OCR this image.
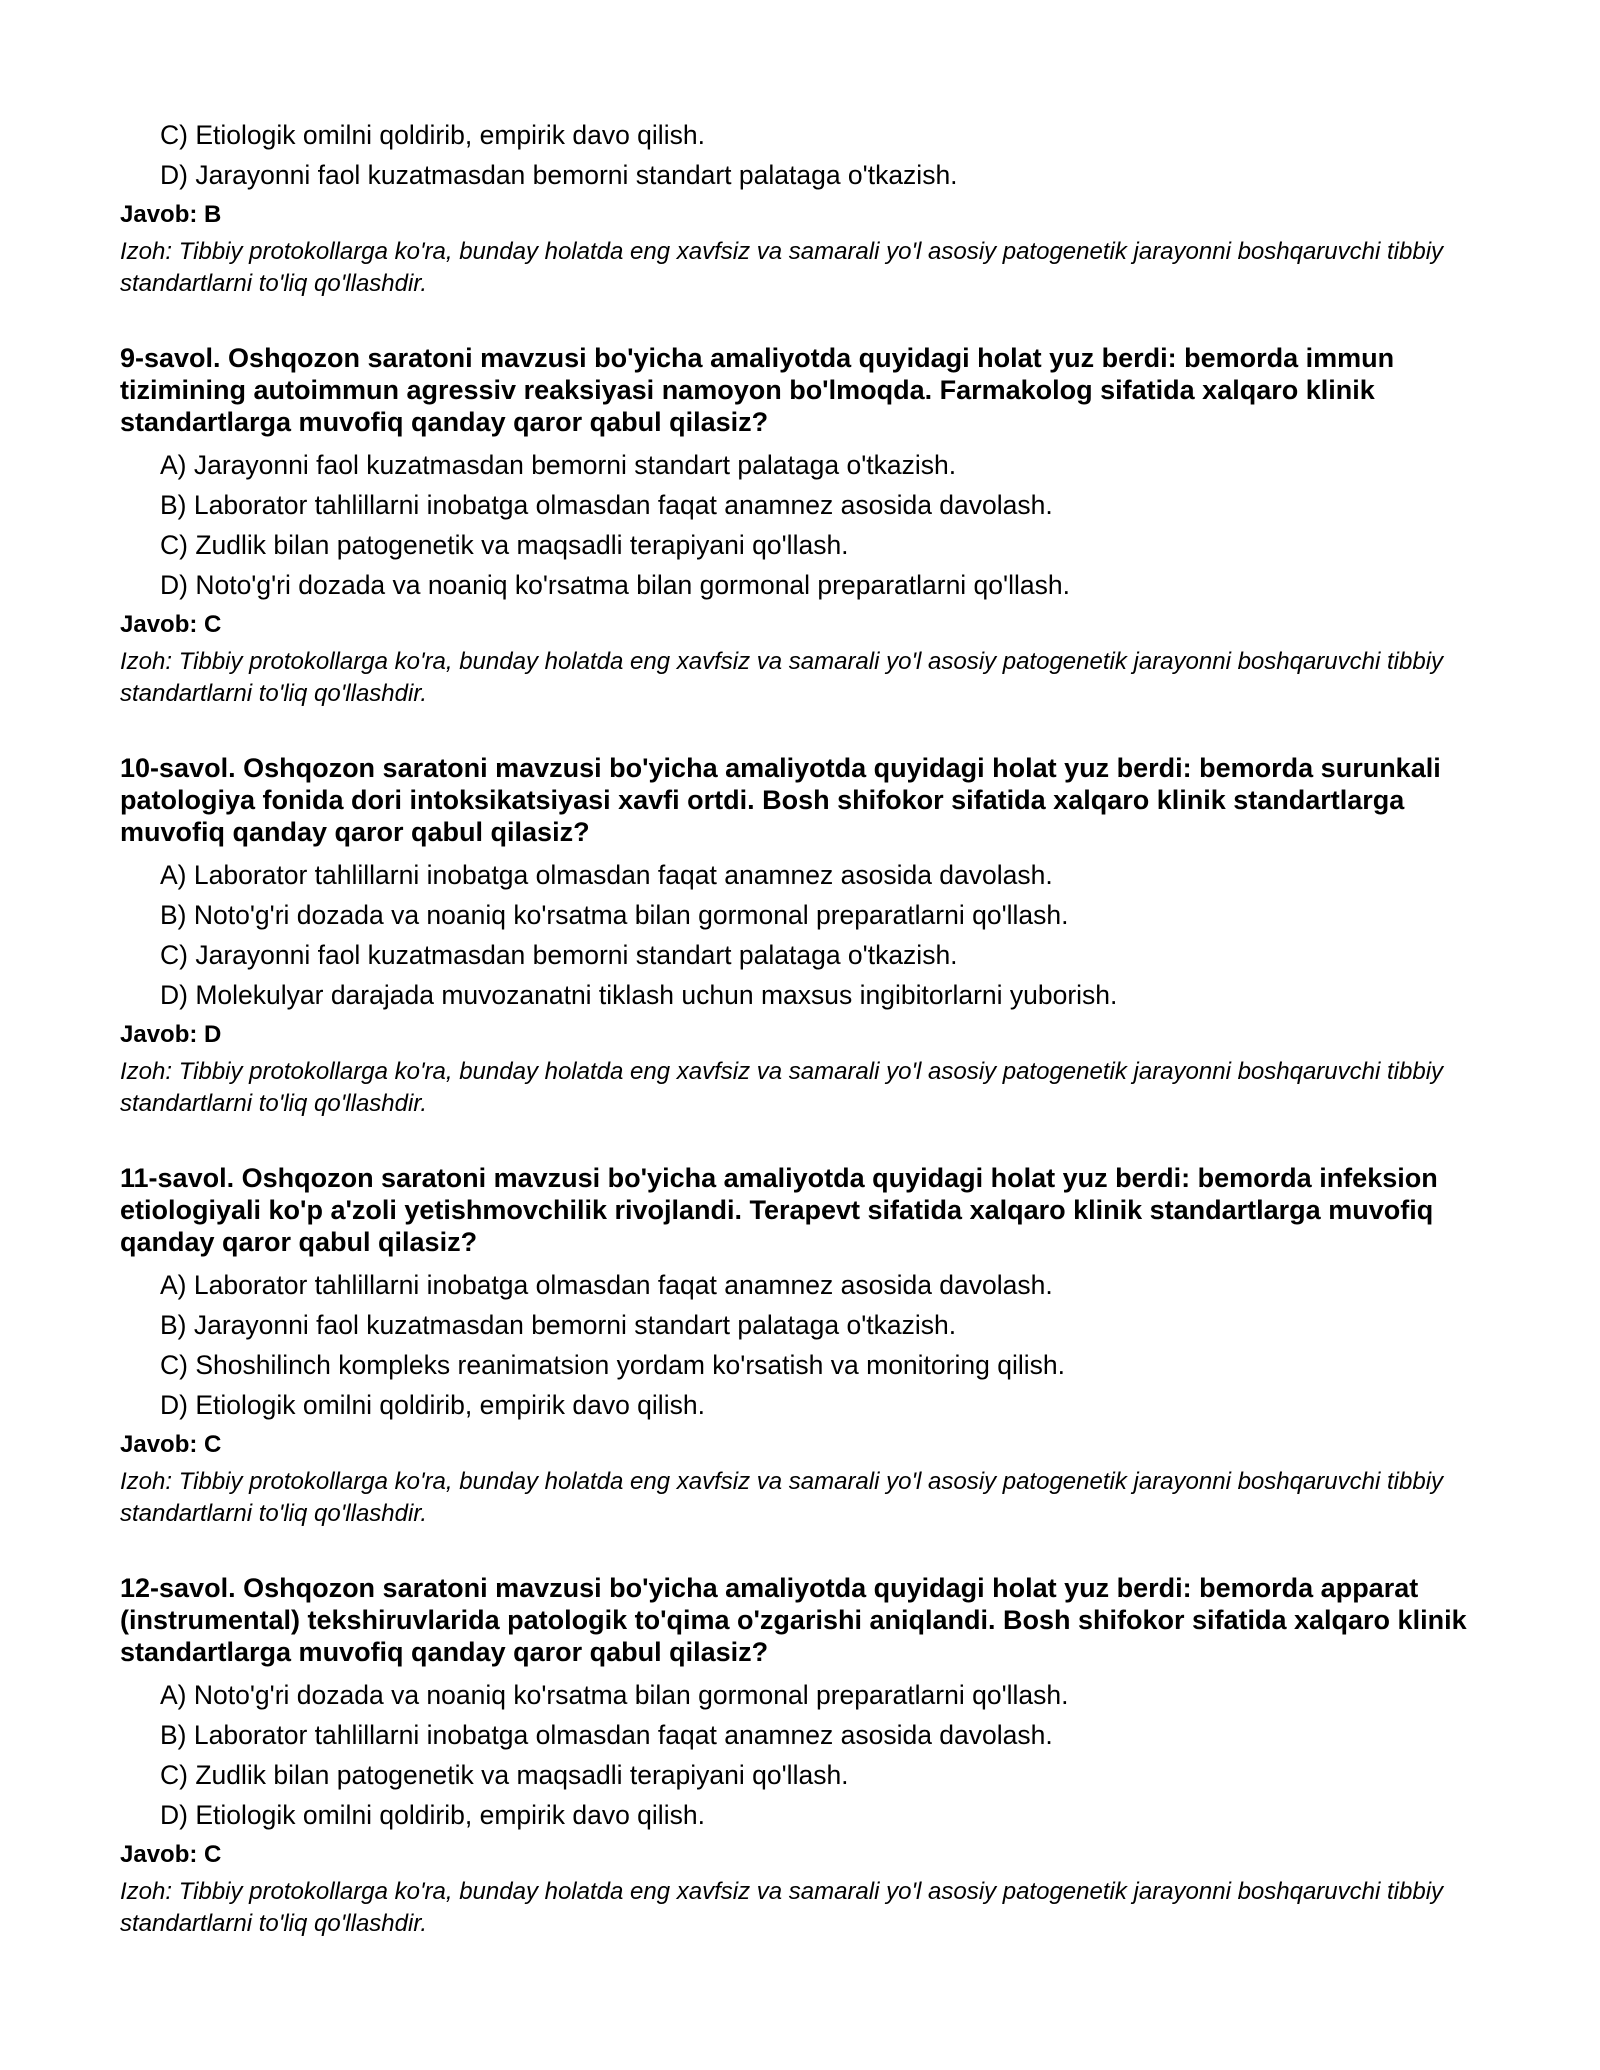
C) Etiologik omilni qoldirib, empirik davo qilish.
D) Jarayonni faol kuzatmasdan bemorni standart palataga o'tkazish.
Javob: B
Izoh: Tibbiy protokollarga ko'ra, bunday holatda eng xavfsiz va samarali yo'l asosiy patogenetik jarayonni boshqaruvchi tibbiy standartlarni to'liq qo'llashdir.
9-savol. Oshqozon saratoni mavzusi bo'yicha amaliyotda quyidagi holat yuz berdi: bemorda immun tizimining autoimmun agressiv reaksiyasi namoyon bo'lmoqda. Farmakolog sifatida xalqaro klinik standartlarga muvofiq qanday qaror qabul qilasiz?
A) Jarayonni faol kuzatmasdan bemorni standart palataga o'tkazish.
B) Laborator tahlillarni inobatga olmasdan faqat anamnez asosida davolash.
C) Zudlik bilan patogenetik va maqsadli terapiyani qo'llash.
D) Noto'g'ri dozada va noaniq ko'rsatma bilan gormonal preparatlarni qo'llash.
Javob: C
Izoh: Tibbiy protokollarga ko'ra, bunday holatda eng xavfsiz va samarali yo'l asosiy patogenetik jarayonni boshqaruvchi tibbiy standartlarni to'liq qo'llashdir.
10-savol. Oshqozon saratoni mavzusi bo'yicha amaliyotda quyidagi holat yuz berdi: bemorda surunkali patologiya fonida dori intoksikatsiyasi xavfi ortdi. Bosh shifokor sifatida xalqaro klinik standartlarga muvofiq qanday qaror qabul qilasiz?
A) Laborator tahlillarni inobatga olmasdan faqat anamnez asosida davolash.
B) Noto'g'ri dozada va noaniq ko'rsatma bilan gormonal preparatlarni qo'llash.
C) Jarayonni faol kuzatmasdan bemorni standart palataga o'tkazish.
D) Molekulyar darajada muvozanatni tiklash uchun maxsus ingibitorlarni yuborish.
Javob: D
Izoh: Tibbiy protokollarga ko'ra, bunday holatda eng xavfsiz va samarali yo'l asosiy patogenetik jarayonni boshqaruvchi tibbiy standartlarni to'liq qo'llashdir.
11-savol. Oshqozon saratoni mavzusi bo'yicha amaliyotda quyidagi holat yuz berdi: bemorda infeksion etiologiyali ko'p a'zoli yetishmovchilik rivojlandi. Terapevt sifatida xalqaro klinik standartlarga muvofiq qanday qaror qabul qilasiz?
A) Laborator tahlillarni inobatga olmasdan faqat anamnez asosida davolash.
B) Jarayonni faol kuzatmasdan bemorni standart palataga o'tkazish.
C) Shoshilinch kompleks reanimatsion yordam ko'rsatish va monitoring qilish.
D) Etiologik omilni qoldirib, empirik davo qilish.
Javob: C
Izoh: Tibbiy protokollarga ko'ra, bunday holatda eng xavfsiz va samarali yo'l asosiy patogenetik jarayonni boshqaruvchi tibbiy standartlarni to'liq qo'llashdir.
12-savol. Oshqozon saratoni mavzusi bo'yicha amaliyotda quyidagi holat yuz berdi: bemorda apparat (instrumental) tekshiruvlarida patologik to'qima o'zgarishi aniqlandi. Bosh shifokor sifatida xalqaro klinik standartlarga muvofiq qanday qaror qabul qilasiz?
A) Noto'g'ri dozada va noaniq ko'rsatma bilan gormonal preparatlarni qo'llash.
B) Laborator tahlillarni inobatga olmasdan faqat anamnez asosida davolash.
C) Zudlik bilan patogenetik va maqsadli terapiyani qo'llash.
D) Etiologik omilni qoldirib, empirik davo qilish.
Javob: C
Izoh: Tibbiy protokollarga ko'ra, bunday holatda eng xavfsiz va samarali yo'l asosiy patogenetik jarayonni boshqaruvchi tibbiy standartlarni to'liq qo'llashdir.
